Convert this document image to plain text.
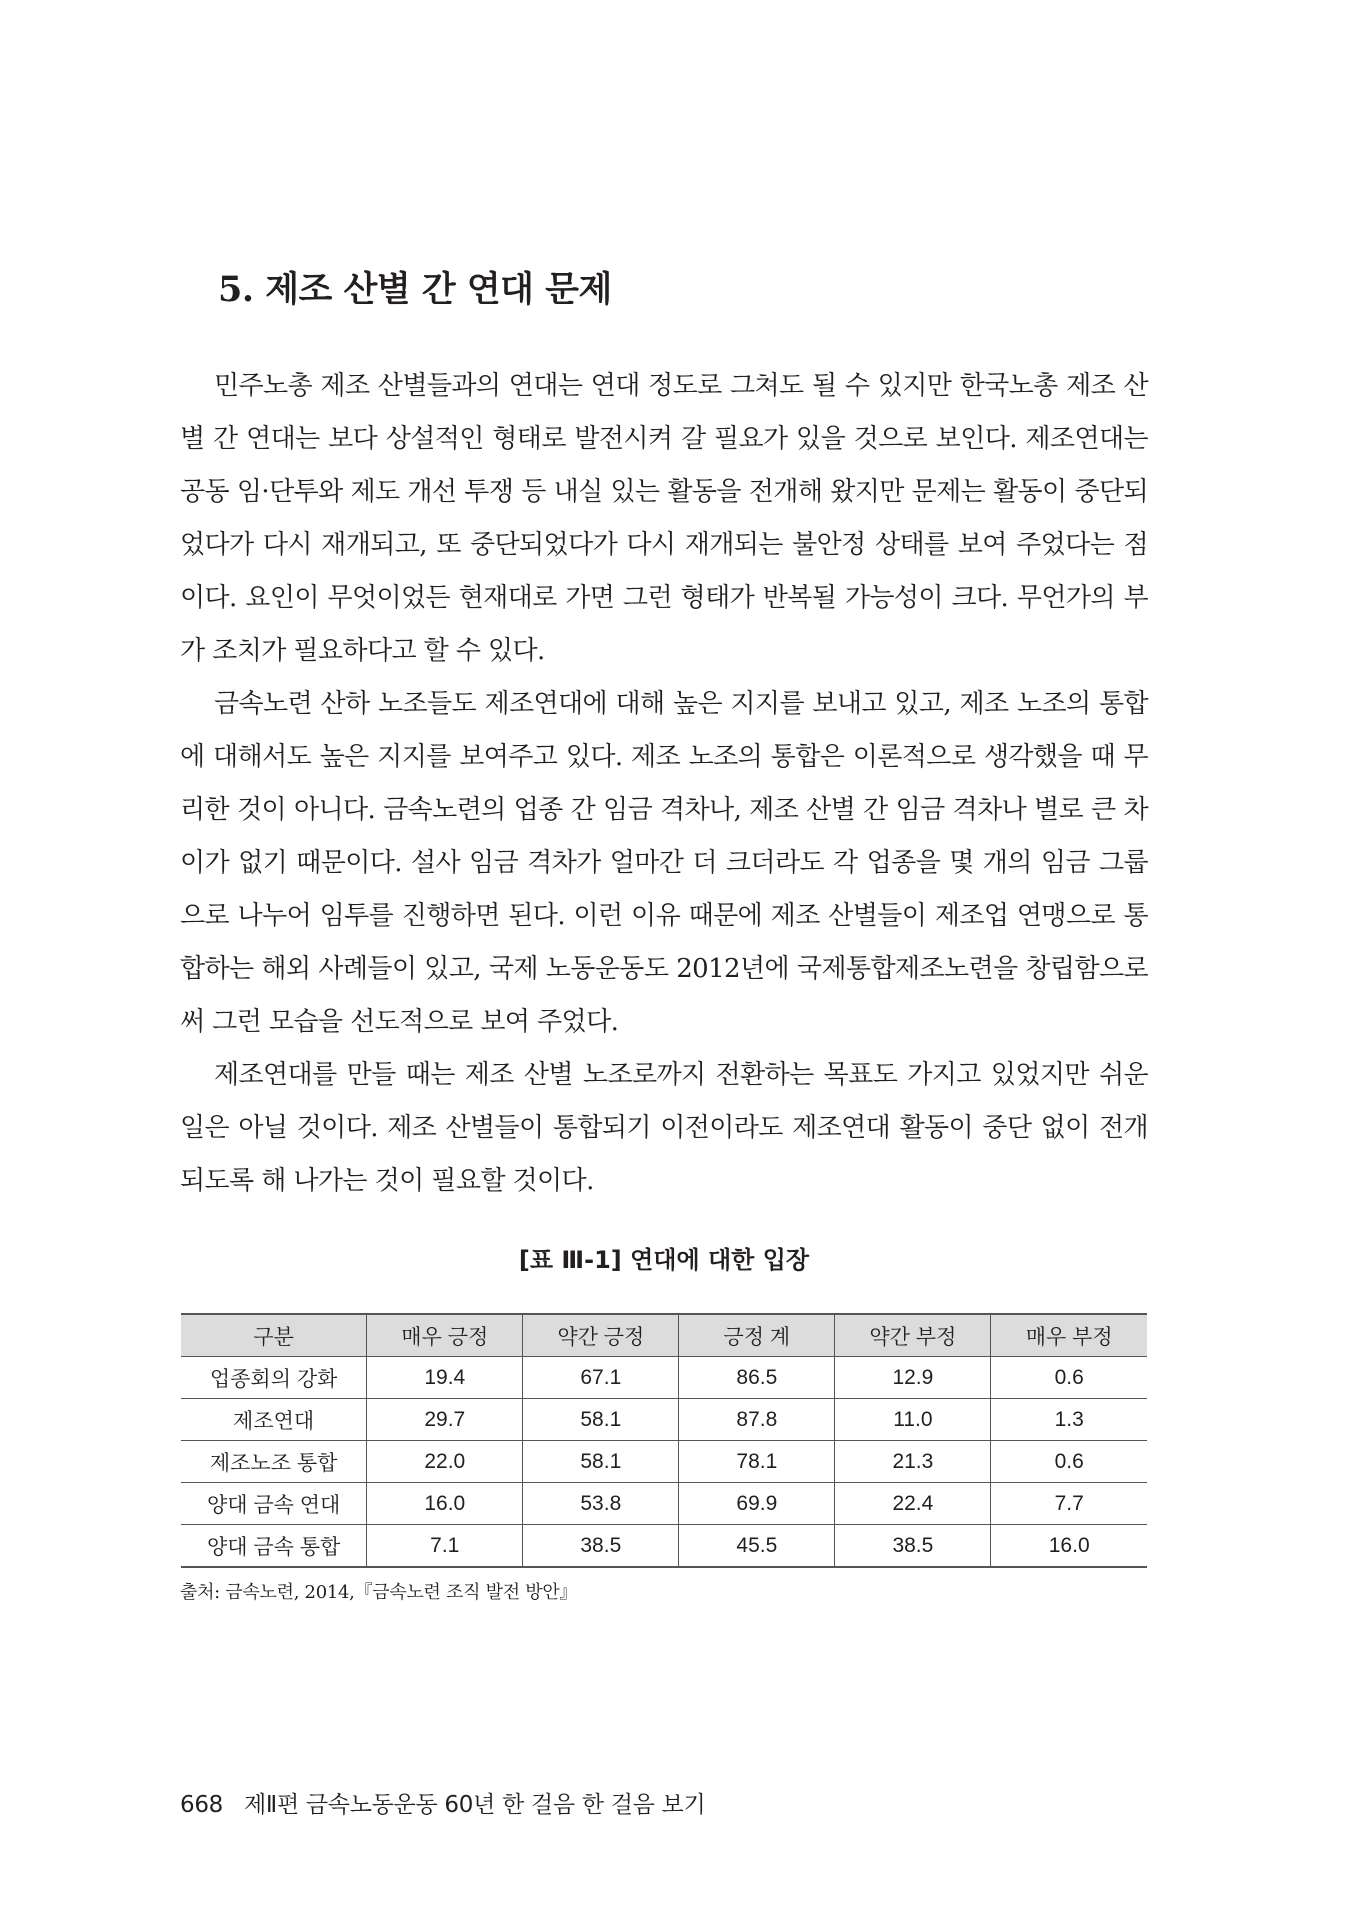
5. 제조 산별 간 연대 문제

민주노총 제조 산별들과의 연대는 연대 정도로 그쳐도 될 수 있지만 한국노총 제조 산별 간 연대는 보다 상설적인 형태로 발전시켜 갈 필요가 있을 것으로 보인다. 제조연대는 공동 임·단투와 제도 개선 투쟁 등 내실 있는 활동을 전개해 왔지만 문제는 활동이 중단되었다가 다시 재개되고, 또 중단되었다가 다시 재개되는 불안정 상태를 보여 주었다는 점이다. 요인이 무엇이었든 현재대로 가면 그런 형태가 반복될 가능성이 크다. 무언가의 부가 조치가 필요하다고 할 수 있다.

금속노련 산하 노조들도 제조연대에 대해 높은 지지를 보내고 있고, 제조 노조의 통합에 대해서도 높은 지지를 보여주고 있다. 제조 노조의 통합은 이론적으로 생각했을 때 무리한 것이 아니다. 금속노련의 업종 간 임금 격차나, 제조 산별 간 임금 격차나 별로 큰 차이가 없기 때문이다. 설사 임금 격차가 얼마간 더 크더라도 각 업종을 몇 개의 임금 그룹으로 나누어 임투를 진행하면 된다. 이런 이유 때문에 제조 산별들이 제조업 연맹으로 통합하는 해외 사례들이 있고, 국제 노동운동도 2012년에 국제통합제조노련을 창립함으로써 그런 모습을 선도적으로 보여 주었다.

제조연대를 만들 때는 제조 산별 노조로까지 전환하는 목표도 가지고 있었지만 쉬운 일은 아닐 것이다. 제조 산별들이 통합되기 이전이라도 제조연대 활동이 중단 없이 전개되도록 해 나가는 것이 필요할 것이다.

[표 Ⅲ-1] 연대에 대한 입장
구분	매우 긍정	약간 긍정	긍정 계	약간 부정	매우 부정
업종회의 강화	19.4	67.1	86.5	12.9	0.6
제조연대	29.7	58.1	87.8	11.0	1.3
제조노조 통합	22.0	58.1	78.1	21.3	0.6
양대 금속 연대	16.0	53.8	69.9	22.4	7.7
양대 금속 통합	7.1	38.5	45.5	38.5	16.0
출처: 금속노련, 2014,『금속노련 조직 발전 방안』
668 제Ⅱ편 금속노동운동 60년 한 걸음 한 걸음 보기
